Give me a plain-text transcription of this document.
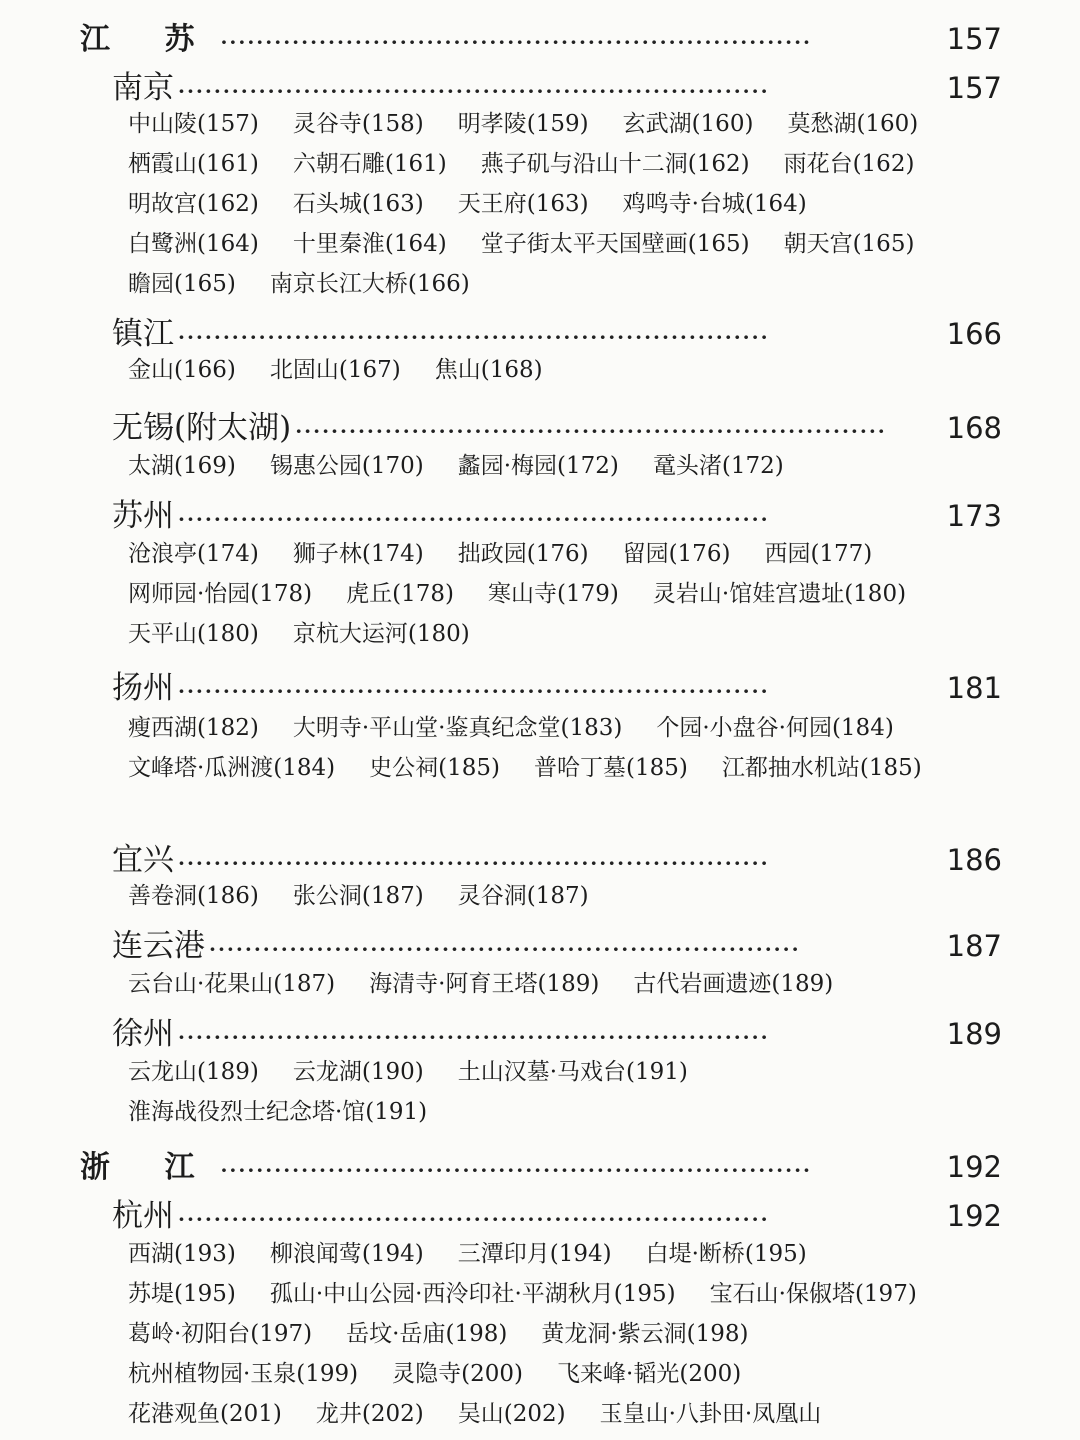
江 苏 ··································································	157
南京 ··································································	157
中山陵(157) 灵谷寺(158) 明孝陵(159) 玄武湖(160) 莫愁湖(160)栖霞山(161) 六朝石雕(161) 燕子矶与沿山十二洞(162) 雨花台(162)明故宫(162) 石头城(163) 天王府(163) 鸡鸣寺·台城(164)白鹭洲(164) 十里秦淮(164) 堂子街太平天国壁画(165) 朝天宫(165)瞻园(165) 南京长江大桥(166)
镇江 ··································································	166
金山(166) 北固山(167) 焦山(168)
无锡(附太湖) ··································································	168
太湖(169) 锡惠公园(170) 蠡园·梅园(172) 鼋头渚(172)
苏州 ··································································	173
沧浪亭(174) 狮子林(174) 拙政园(176) 留园(176) 西园(177)网师园·怡园(178) 虎丘(178) 寒山寺(179) 灵岩山·馆娃宫遗址(180)天平山(180) 京杭大运河(180)
扬州 ··································································	181
瘦西湖(182) 大明寺·平山堂·鉴真纪念堂(183) 个园·小盘谷·何园(184)文峰塔·瓜洲渡(184) 史公祠(185) 普哈丁墓(185) 江都抽水机站(185)
宜兴 ··································································	186
善卷洞(186) 张公洞(187) 灵谷洞(187)
连云港 ··································································	187
云台山·花果山(187) 海清寺·阿育王塔(189) 古代岩画遗迹(189)
徐州 ··································································	189
云龙山(189) 云龙湖(190) 土山汉墓·马戏台(191)淮海战役烈士纪念塔·馆(191)
浙 江 ··································································	192
杭州 ··································································	192
西湖(193) 柳浪闻莺(194) 三潭印月(194) 白堤·断桥(195)苏堤(195) 孤山·中山公园·西泠印社·平湖秋月(195) 宝石山·保俶塔(197)葛岭·初阳台(197) 岳坟·岳庙(198) 黄龙洞·紫云洞(198)杭州植物园·玉泉(199) 灵隐寺(200) 飞来峰·韬光(200)花港观鱼(201) 龙井(202) 吴山(202) 玉皇山·八卦田·凤凰山
